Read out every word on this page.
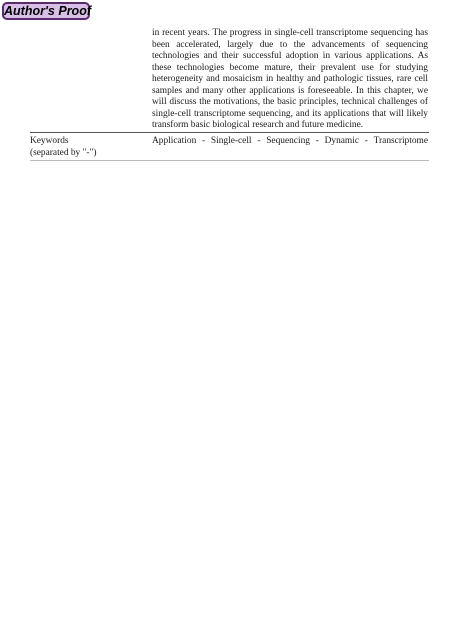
Author's Proof
in recent years. The progress in single-cell transcriptome sequencing has been accelerated, largely due to the advancements of sequencing technologies and their successful adoption in various applications. As these technologies become mature, their prevalent use for studying heterogeneity and mosaicism in healthy and pathologic tissues, rare cell samples and many other applications is foreseeable. In this chapter, we will discuss the motivations, the basic principles, technical challenges of single-cell transcriptome sequencing, and its applications that will likely transform basic biological research and future medicine.
Keywords
(separated by "-")
Application - Single-cell - Sequencing - Dynamic - Transcriptome
